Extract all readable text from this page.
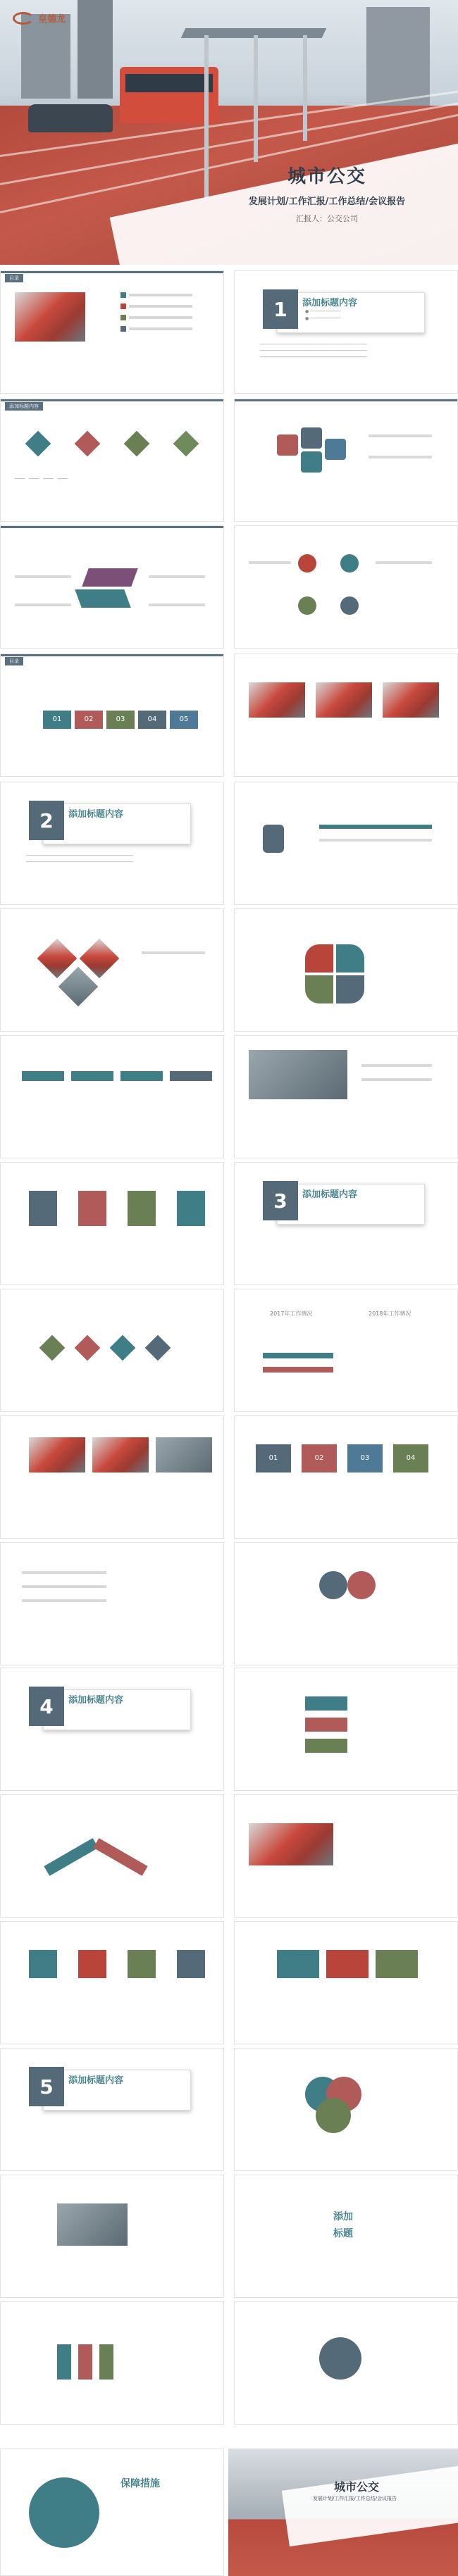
皇德龙
城市公交
发展计划/工作汇报/工作总结/会议报告
汇报人：公交公司
目录
1	添加标题内容
● ────────────
● ────────────
──────────────────────────────────────────
──────────────────────────────────────────
──────────────────────────────────────────
添加标题内容
────   ────   ────   ────
目录
01	02	03	04	05
2	添加标题内容
──────────────────────────────────────────
──────────────────────────────────────────
3	添加标题内容
2017年工作情况	2018年工作情况
01	02	03	04
4	添加标题内容
5	添加标题内容
添加
标题
保障措施	城市公交
发展计划/工作汇报/工作总结/会议报告
